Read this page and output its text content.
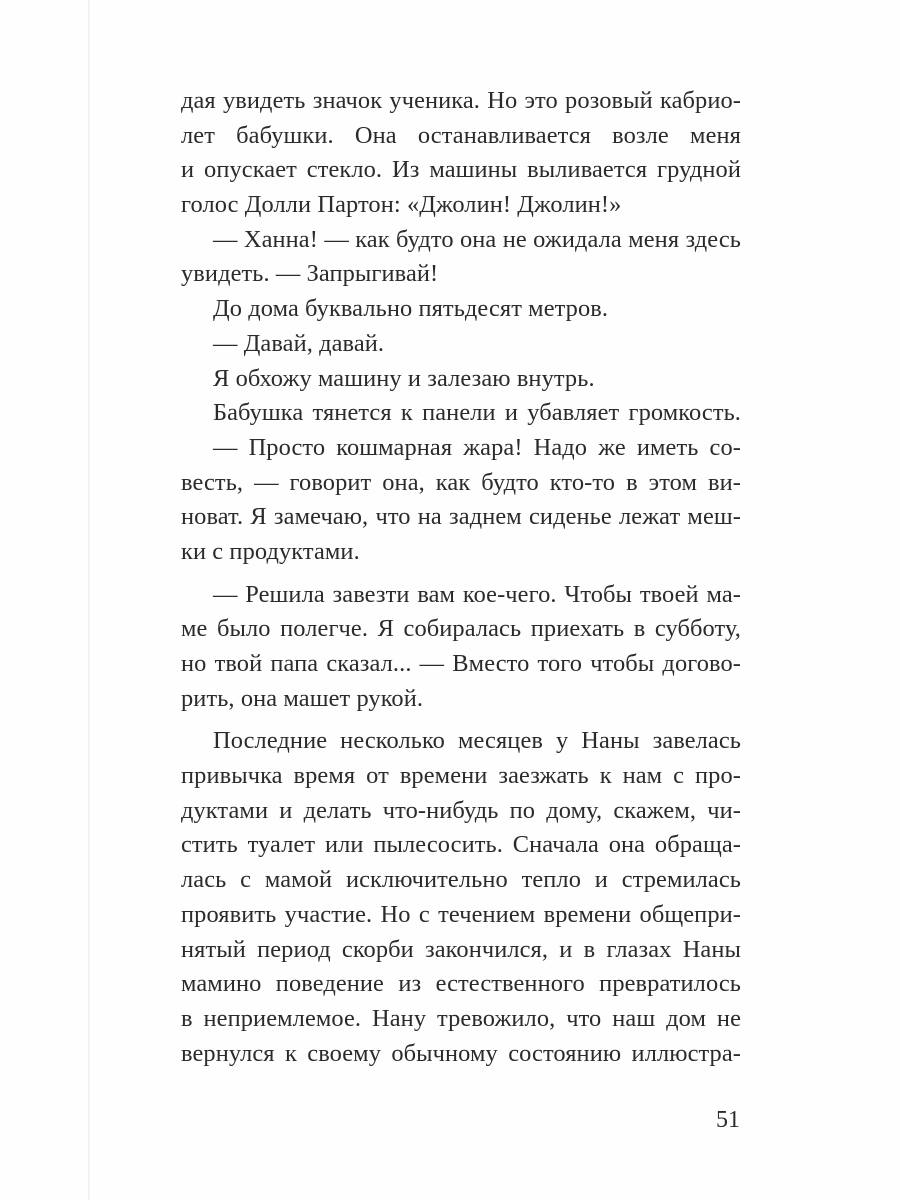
дая увидеть значок ученика. Но это розовый кабрио-
лет бабушки. Она останавливается возле меня
и опускает стекло. Из машины выливается грудной
голос Долли Партон: «Джолин! Джолин!»
— Ханна! — как будто она не ожидала меня здесь
увидеть. — Запрыгивай!
До дома буквально пятьдесят метров.
— Давай, давай.
Я обхожу машину и залезаю внутрь.
Бабушка тянется к панели и убавляет громкость.
— Просто кошмарная жара! Надо же иметь со-
весть, — говорит она, как будто кто-то в этом ви-
новат. Я замечаю, что на заднем сиденье лежат меш-
ки с продуктами.
— Решила завезти вам кое-чего. Чтобы твоей ма-
ме было полегче. Я собиралась приехать в субботу,
но твой папа сказал... — Вместо того чтобы догово-
рить, она машет рукой.
Последние несколько месяцев у Наны завелась
привычка время от времени заезжать к нам с про-
дуктами и делать что-нибудь по дому, скажем, чи-
стить туалет или пылесосить. Сначала она обраща-
лась с мамой исключительно тепло и стремилась
проявить участие. Но с течением времени общепри-
нятый период скорби закончился, и в глазах Наны
мамино поведение из естественного превратилось
в неприемлемое. Нану тревожило, что наш дом не
вернулся к своему обычному состоянию иллюстра-
51
